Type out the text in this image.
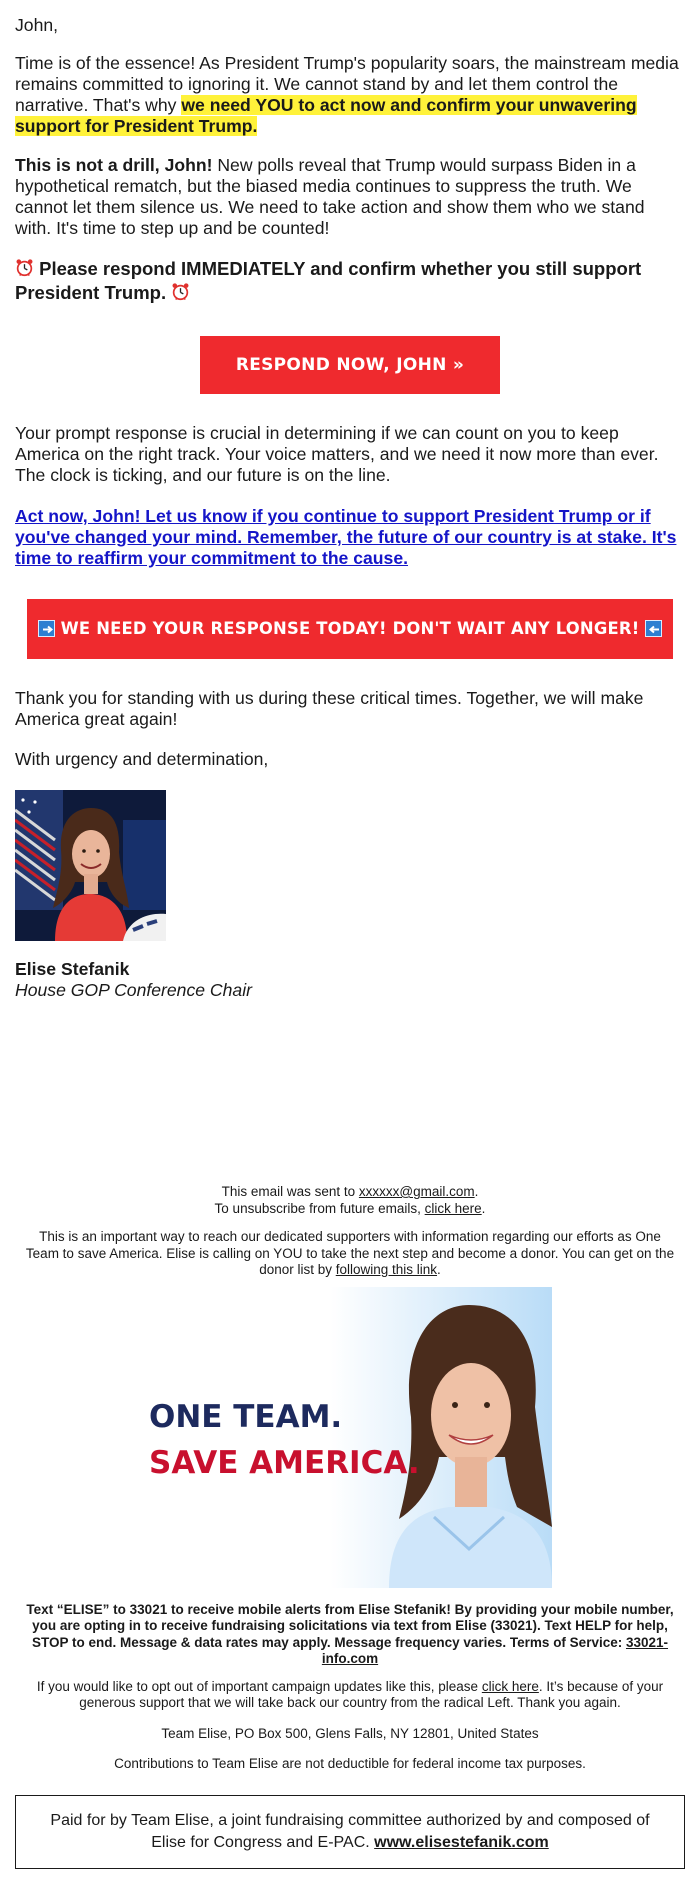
John,

Time is of the essence! As President Trump's popularity soars, the mainstream media remains committed to ignoring it. We cannot stand by and let them control the narrative. That's why we need YOU to act now and confirm your unwavering support for President Trump.

This is not a drill, John! New polls reveal that Trump would surpass Biden in a hypothetical rematch, but the biased media continues to suppress the truth. We cannot let them silence us. We need to take action and show them who we stand with. It's time to step up and be counted!

Please respond IMMEDIATELY and confirm whether you still support President Trump.

RESPOND NOW, JOHN »

Your prompt response is crucial in determining if we can count on you to keep America on the right track. Your voice matters, and we need it now more than ever. The clock is ticking, and our future is on the line.

Act now, John! Let us know if you continue to support President Trump or if you've changed your mind. Remember, the future of our country is at stake. It's time to reaffirm your commitment to the cause.

WE NEED YOUR RESPONSE TODAY! DON'T WAIT ANY LONGER!

Thank you for standing with us during these critical times. Together, we will make America great again!

With urgency and determination,

Elise Stefanik
House GOP Conference Chair

This email was sent to xxxxxx@gmail.com.

To unsubscribe from future emails, click here.

This is an important way to reach our dedicated supporters with information regarding our efforts as One Team to save America. Elise is calling on YOU to take the next step and become a donor. You can get on the donor list by following this link.

ONE TEAM.
SAVE AMERICA.

Text “ELISE” to 33021 to receive mobile alerts from Elise Stefanik! By providing your mobile number, you are opting in to receive fundraising solicitations via text from Elise (33021). Text HELP for help, STOP to end. Message & data rates may apply. Message frequency varies. Terms of Service: 33021-info.com

If you would like to opt out of important campaign updates like this, please click here. It’s because of your generous support that we will take back our country from the radical Left. Thank you again.

Team Elise, PO Box 500, Glens Falls, NY 12801, United States

Contributions to Team Elise are not deductible for federal income tax purposes.

Paid for by Team Elise, a joint fundraising committee authorized by and composed of Elise for Congress and E-PAC. www.elisestefanik.com
